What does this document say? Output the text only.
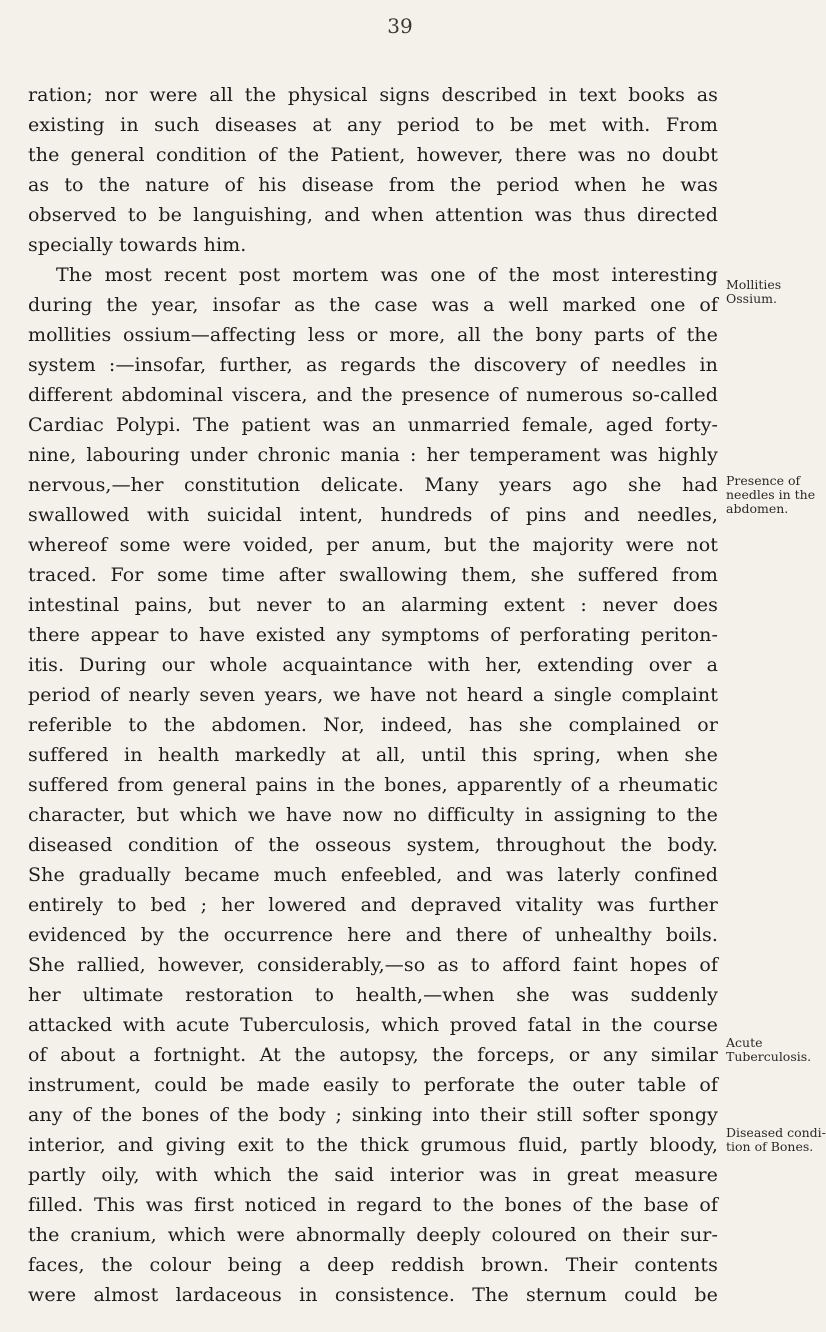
39
ration; nor were all the physical signs described in text books as
existing in such diseases at any period to be met with. From
the general condition of the Patient, however, there was no doubt
as to the nature of his disease from the period when he was
observed to be languishing, and when attention was thus directed
specially towards him.
The most recent post mortem was one of the most interesting
during the year, insofar as the case was a well marked one of
mollities ossium—affecting less or more, all the bony parts of the
system :—insofar, further, as regards the discovery of needles in
different abdominal viscera, and the presence of numerous so-called
Cardiac Polypi. The patient was an unmarried female, aged forty-
nine, labouring under chronic mania : her temperament was highly
nervous,—her constitution delicate. Many years ago she had
swallowed with suicidal intent, hundreds of pins and needles,
whereof some were voided, per anum, but the majority were not
traced. For some time after swallowing them, she suffered from
intestinal pains, but never to an alarming extent : never does
there appear to have existed any symptoms of perforating periton-
itis. During our whole acquaintance with her, extending over a
period of nearly seven years, we have not heard a single complaint
referible to the abdomen. Nor, indeed, has she complained or
suffered in health markedly at all, until this spring, when she
suffered from general pains in the bones, apparently of a rheumatic
character, but which we have now no difficulty in assigning to the
diseased condition of the osseous system, throughout the body.
She gradually became much enfeebled, and was laterly confined
entirely to bed ; her lowered and depraved vitality was further
evidenced by the occurrence here and there of unhealthy boils.
She rallied, however, considerably,—so as to afford faint hopes of
her ultimate restoration to health,—when she was suddenly
attacked with acute Tuberculosis, which proved fatal in the course
of about a fortnight. At the autopsy, the forceps, or any similar
instrument, could be made easily to perforate the outer table of
any of the bones of the body ; sinking into their still softer spongy
interior, and giving exit to the thick grumous fluid, partly bloody,
partly oily, with which the said interior was in great measure
filled. This was first noticed in regard to the bones of the base of
the cranium, which were abnormally deeply coloured on their sur-
faces, the colour being a deep reddish brown. Their contents
were almost lardaceous in consistence. The sternum could be
Mollities
Ossium.
Presence of
needles in the
abdomen.
Acute
Tuberculosis.
Diseased condi-
tion of Bones.
